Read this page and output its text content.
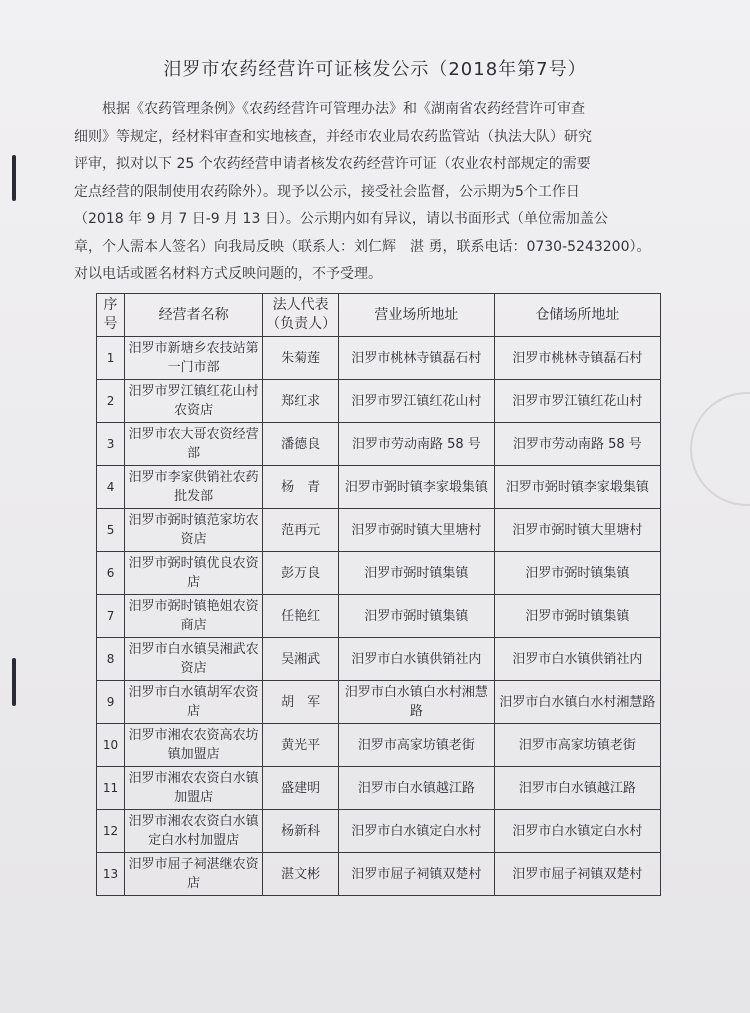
汨罗市农药经营许可证核发公示（2018年第7号）
根据《农药管理条例》《农药经营许可管理办法》和《湖南省农药经营许可审查
细则》等规定，经材料审查和实地核查，并经市农业局农药监管站（执法大队）研究
评审，拟对以下 25 个农药经营申请者核发农药经营许可证（农业农村部规定的需要
定点经营的限制使用农药除外）。现予以公示，接受社会监督，公示期为5个工作日
（2018 年 9 月 7 日-9 月 13 日）。公示期内如有异议，请以书面形式（单位需加盖公
章，个人需本人签名）向我局反映（联系人：刘仁辉　湛 勇，联系电话：0730-5243200）。
对以电话或匿名材料方式反映问题的，不予受理。
序号	经营者名称	法人代表（负责人）	营业场所地址	仓储场所地址
1	汨罗市新塘乡农技站第一门市部	朱菊莲	汨罗市桃林寺镇磊石村	汨罗市桃林寺镇磊石村
2	汨罗市罗江镇红花山村农资店	郑红求	汨罗市罗江镇红花山村	汨罗市罗江镇红花山村
3	汨罗市农大哥农资经营部	潘德良	汨罗市劳动南路 58 号	汨罗市劳动南路 58 号
4	汨罗市李家供销社农药批发部	杨　青	汨罗市弼时镇李家塅集镇	汨罗市弼时镇李家塅集镇
5	汨罗市弼时镇范家坊农资店	范再元	汨罗市弼时镇大里塘村	汨罗市弼时镇大里塘村
6	汨罗市弼时镇优良农资店	彭万良	汨罗市弼时镇集镇	汨罗市弼时镇集镇
7	汨罗市弼时镇艳姐农资商店	任艳红	汨罗市弼时镇集镇	汨罗市弼时镇集镇
8	汨罗市白水镇吴湘武农资店	吴湘武	汨罗市白水镇供销社内	汨罗市白水镇供销社内
9	汨罗市白水镇胡军农资店	胡　军	汨罗市白水镇白水村湘慧路	汨罗市白水镇白水村湘慧路
10	汨罗市湘农农资高农坊镇加盟店	黄光平	汨罗市高家坊镇老街	汨罗市高家坊镇老街
11	汨罗市湘农农资白水镇加盟店	盛建明	汨罗市白水镇越江路	汨罗市白水镇越江路
12	汨罗市湘农农资白水镇定白水村加盟店	杨新科	汨罗市白水镇定白水村	汨罗市白水镇定白水村
13	汨罗市屈子祠湛继农资店	湛文彬	汨罗市屈子祠镇双楚村	汨罗市屈子祠镇双楚村
